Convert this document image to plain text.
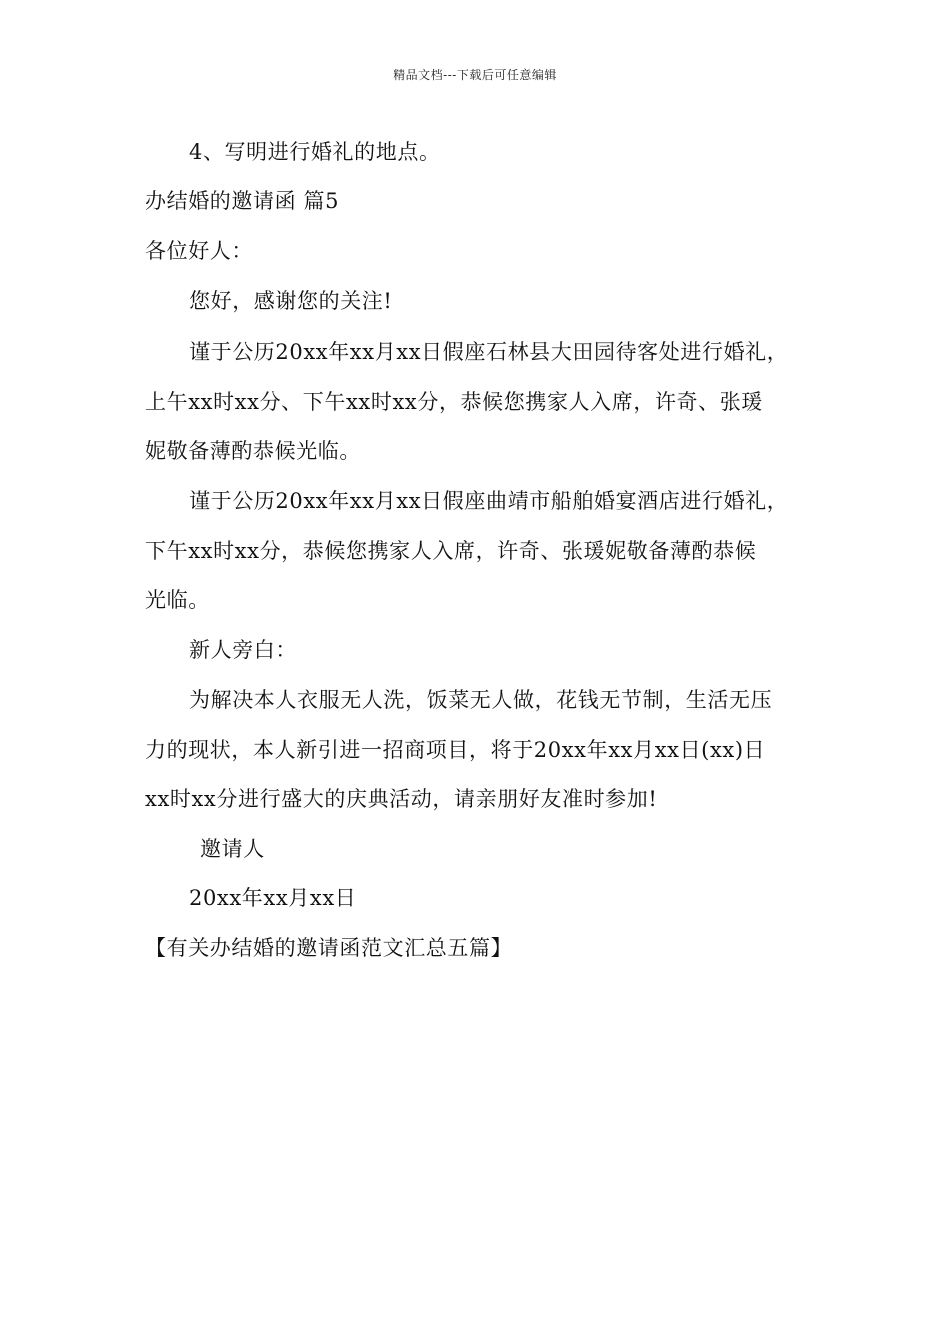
精品文档---下载后可任意编辑
4、写明进行婚礼的地点。
办结婚的邀请函 篇5
各位好人：
您好，感谢您的关注!
谨于公历20xx年xx月xx日假座石林县大田园待客处进行婚礼，
上午xx时xx分、下午xx时xx分，恭候您携家人入席，许奇、张瑗
妮敬备薄酌恭候光临。
谨于公历20xx年xx月xx日假座曲靖市船舶婚宴酒店进行婚礼，
下午xx时xx分，恭候您携家人入席，许奇、张瑗妮敬备薄酌恭候
光临。
新人旁白：
为解决本人衣服无人洗，饭菜无人做，花钱无节制，生活无压
力的现状，本人新引进一招商项目，将于20xx年xx月xx日(xx)日
xx时xx分进行盛大的庆典活动，请亲朋好友准时参加!
邀请人
20xx年xx月xx日
【有关办结婚的邀请函范文汇总五篇】
